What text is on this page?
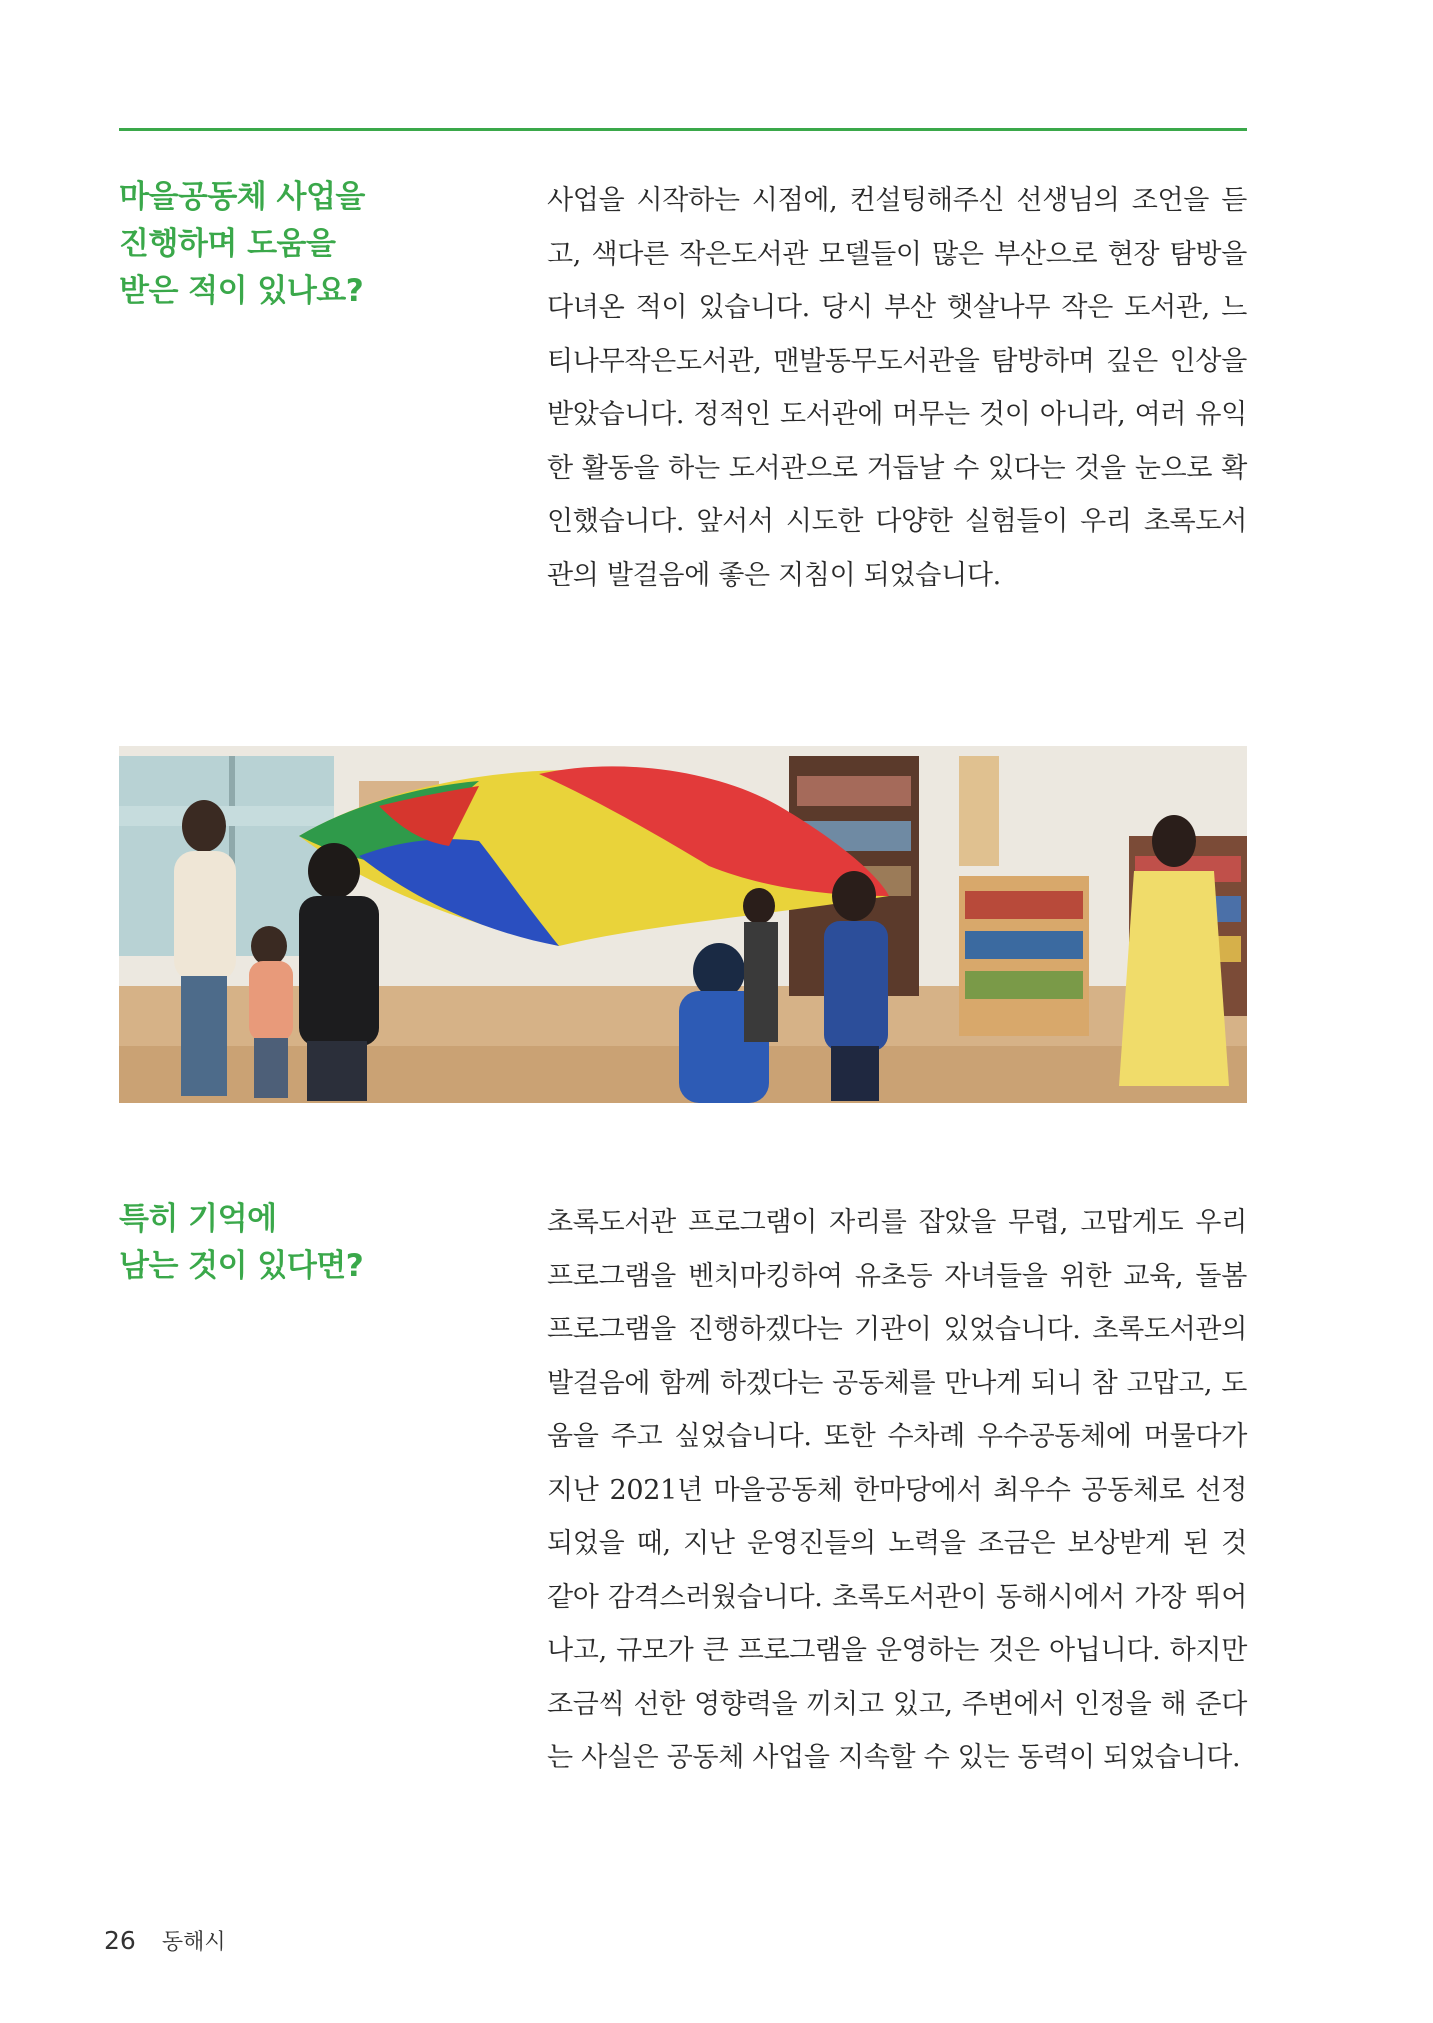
마을공동체 사업을
진행하며 도움을
받은 적이 있나요?
사업을 시작하는 시점에, 컨설팅해주신 선생님의 조언을 듣고, 색다른 작은도서관 모델들이 많은 부산으로 현장 탐방을 다녀온 적이 있습니다. 당시 부산 햇살나무 작은 도서관, 느티나무작은도서관, 맨발동무도서관을 탐방하며 깊은 인상을 받았습니다. 정적인 도서관에 머무는 것이 아니라, 여러 유익한 활동을 하는 도서관으로 거듭날 수 있다는 것을 눈으로 확인했습니다. 앞서서 시도한 다양한 실험들이 우리 초록도서관의 발걸음에 좋은 지침이 되었습니다.
특히 기억에
남는 것이 있다면?
초록도서관 프로그램이 자리를 잡았을 무렵, 고맙게도 우리 프로그램을 벤치마킹하여 유초등 자녀들을 위한 교육, 돌봄 프로그램을 진행하겠다는 기관이 있었습니다. 초록도서관의 발걸음에 함께 하겠다는 공동체를 만나게 되니 참 고맙고, 도움을 주고 싶었습니다. 또한 수차례 우수공동체에 머물다가 지난 2021년 마을공동체 한마당에서 최우수 공동체로 선정되었을 때, 지난 운영진들의 노력을 조금은 보상받게 된 것 같아 감격스러웠습니다. 초록도서관이 동해시에서 가장 뛰어나고, 규모가 큰 프로그램을 운영하는 것은 아닙니다. 하지만 조금씩 선한 영향력을 끼치고 있고, 주변에서 인정을 해 준다는 사실은 공동체 사업을 지속할 수 있는 동력이 되었습니다.
26 동해시
